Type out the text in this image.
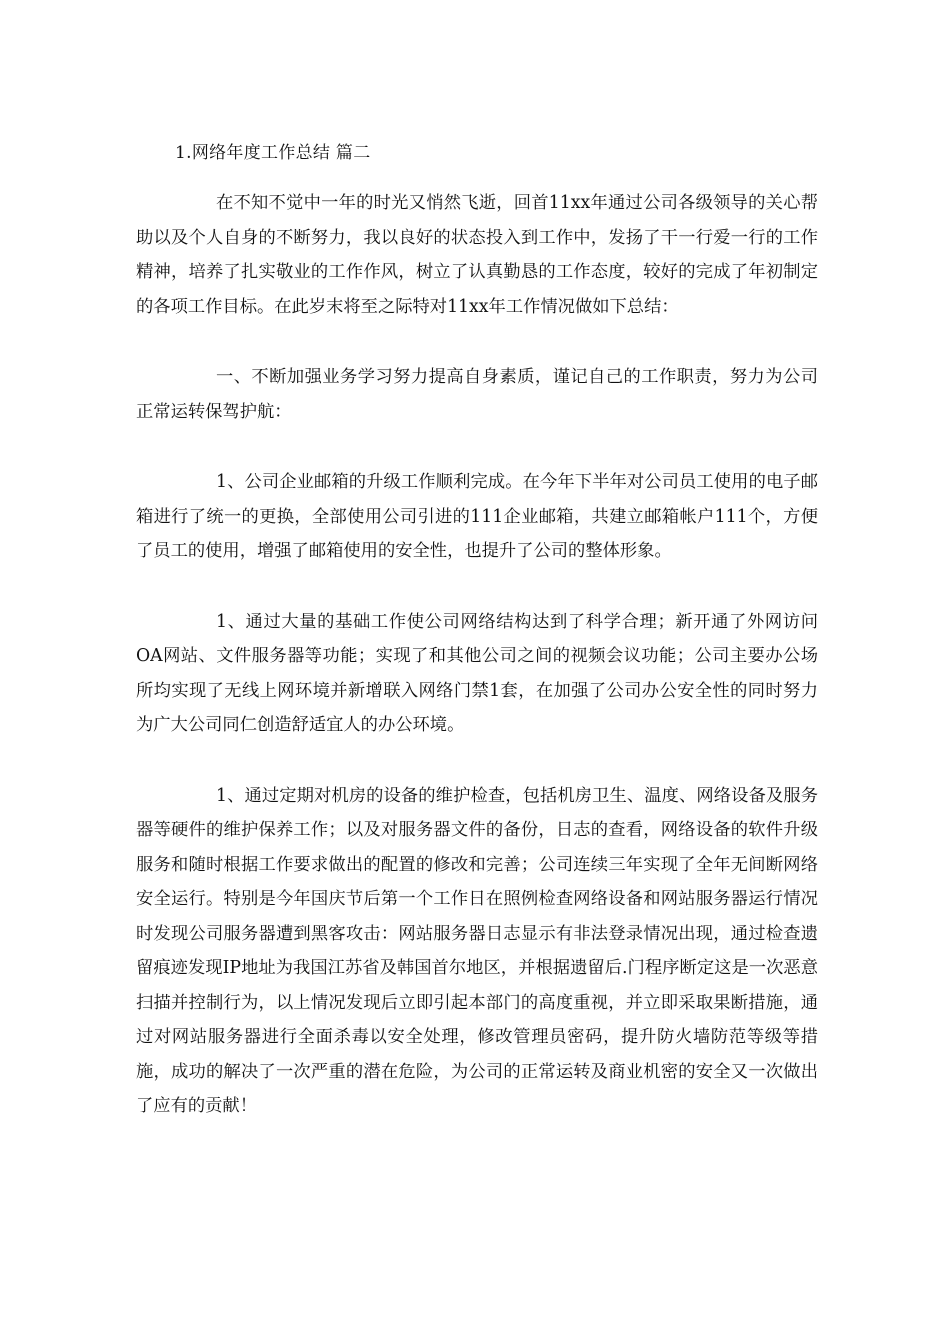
1.网络年度工作总结 篇二

在不知不觉中一年的时光又悄然飞逝，回首11xx年通过公司各级领导的关心帮助以及个人自身的不断努力，我以良好的状态投入到工作中，发扬了干一行爱一行的工作精神，培养了扎实敬业的工作作风，树立了认真勤恳的工作态度，较好的完成了年初制定的各项工作目标。在此岁末将至之际特对11xx年工作情况做如下总结：

一、不断加强业务学习努力提高自身素质，谨记自己的工作职责，努力为公司正常运转保驾护航：

1、公司企业邮箱的升级工作顺利完成。在今年下半年对公司员工使用的电子邮箱进行了统一的更换，全部使用公司引进的111企业邮箱，共建立邮箱帐户111个，方便了员工的使用，增强了邮箱使用的安全性，也提升了公司的整体形象。

1、通过大量的基础工作使公司网络结构达到了科学合理；新开通了外网访问OA网站、文件服务器等功能；实现了和其他公司之间的视频会议功能；公司主要办公场所均实现了无线上网环境并新增联入网络门禁1套，在加强了公司办公安全性的同时努力为广大公司同仁创造舒适宜人的办公环境。

1、通过定期对机房的设备的维护检查，包括机房卫生、温度、网络设备及服务器等硬件的维护保养工作；以及对服务器文件的备份，日志的查看，网络设备的软件升级服务和随时根据工作要求做出的配置的修改和完善；公司连续三年实现了全年无间断网络安全运行。特别是今年国庆节后第一个工作日在照例检查网络设备和网站服务器运行情况时发现公司服务器遭到黑客攻击：网站服务器日志显示有非法登录情况出现，通过检查遗留痕迹发现IP地址为我国江苏省及韩国首尔地区，并根据遗留后.门程序断定这是一次恶意扫描并控制行为，以上情况发现后立即引起本部门的高度重视，并立即采取果断措施，通过对网站服务器进行全面杀毒以安全处理，修改管理员密码，提升防火墙防范等级等措施，成功的解决了一次严重的潜在危险，为公司的正常运转及商业机密的安全又一次做出了应有的贡献！
